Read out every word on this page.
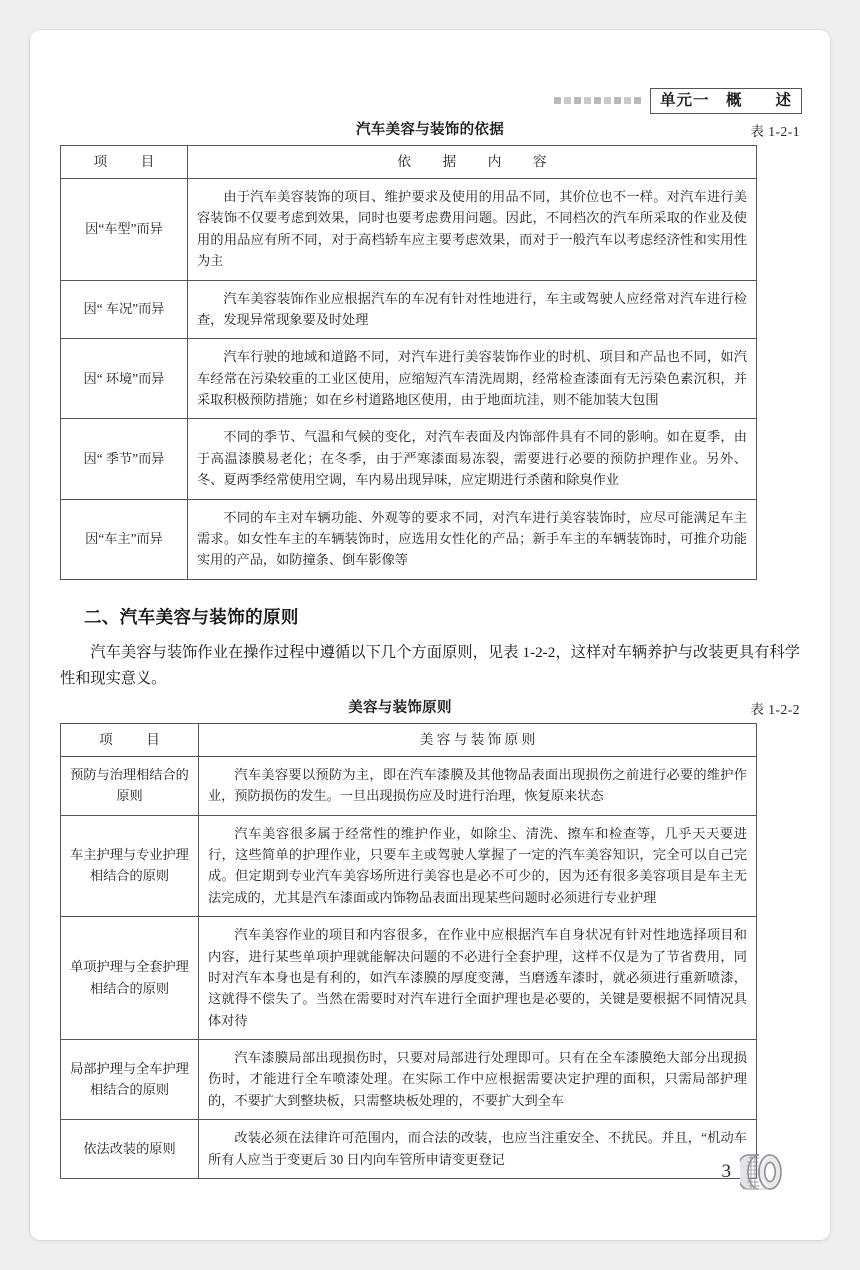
单元一　概　　述
汽车美容与装饰的依据	表 1-2-1
项　目	依　据　内　容
因“车型”而异	由于汽车美容装饰的项目、维护要求及使用的用品不同，其价位也不一样。对汽车进行美容装饰不仅要考虑到效果，同时也要考虑费用问题。因此，不同档次的汽车所采取的作业及使用的用品应有所不同，对于高档轿车应主要考虑效果，而对于一般汽车以考虑经济性和实用性为主
因“ 车况”而异	汽车美容装饰作业应根据汽车的车况有针对性地进行，车主或驾驶人应经常对汽车进行检查，发现异常现象要及时处理
因“ 环境”而异	汽车行驶的地域和道路不同，对汽车进行美容装饰作业的时机、项目和产品也不同，如汽车经常在污染较重的工业区使用，应缩短汽车清洗周期，经常检查漆面有无污染色素沉积，并采取积极预防措施；如在乡村道路地区使用，由于地面坑洼，则不能加装大包围
因“ 季节”而异	不同的季节、气温和气候的变化，对汽车表面及内饰部件具有不同的影响。如在夏季，由于高温漆膜易老化；在冬季，由于严寒漆面易冻裂，需要进行必要的预防护理作业。另外、冬、夏两季经常使用空调，车内易出现异味，应定期进行杀菌和除臭作业
因“车主”而异	不同的车主对车辆功能、外观等的要求不同，对汽车进行美容装饰时，应尽可能满足车主需求。如女性车主的车辆装饰时，应选用女性化的产品；新手车主的车辆装饰时，可推介功能实用的产品，如防撞条、倒车影像等
二、汽车美容与装饰的原则

汽车美容与装饰作业在操作过程中遵循以下几个方面原则，见表 1-2-2，这样对车辆养护与改装更具有科学性和现实意义。

美容与装饰原则	表 1-2-2
项　目	美 容 与 装 饰 原 则
预防与治理相结合的原则	汽车美容要以预防为主，即在汽车漆膜及其他物品表面出现损伤之前进行必要的维护作业，预防损伤的发生。一旦出现损伤应及时进行治理，恢复原来状态
车主护理与专业护理相结合的原则	汽车美容很多属于经常性的维护作业，如除尘、清洗、擦车和检查等，几乎天天要进行，这些简单的护理作业，只要车主或驾驶人掌握了一定的汽车美容知识，完全可以自己完成。但定期到专业汽车美容场所进行美容也是必不可少的，因为还有很多美容项目是车主无法完成的，尤其是汽车漆面或内饰物品表面出现某些问题时必须进行专业护理
单项护理与全套护理相结合的原则	汽车美容作业的项目和内容很多，在作业中应根据汽车自身状况有针对性地选择项目和内容，进行某些单项护理就能解决问题的不必进行全套护理，这样不仅是为了节省费用，同时对汽车本身也是有利的，如汽车漆膜的厚度变薄，当磨透车漆时，就必须进行重新喷漆，这就得不偿失了。当然在需要时对汽车进行全面护理也是必要的，关键是要根据不同情况具体对待
局部护理与全车护理相结合的原则	汽车漆膜局部出现损伤时，只要对局部进行处理即可。只有在全车漆膜绝大部分出现损伤时，才能进行全车喷漆处理。在实际工作中应根据需要决定护理的面积，只需局部护理的，不要扩大到整块板，只需整块板处理的，不要扩大到全车
依法改装的原则	改装必须在法律许可范围内，而合法的改装，也应当注重安全、不扰民。并且，“机动车所有人应当于变更后 30 日内向车管所申请变更登记
3
